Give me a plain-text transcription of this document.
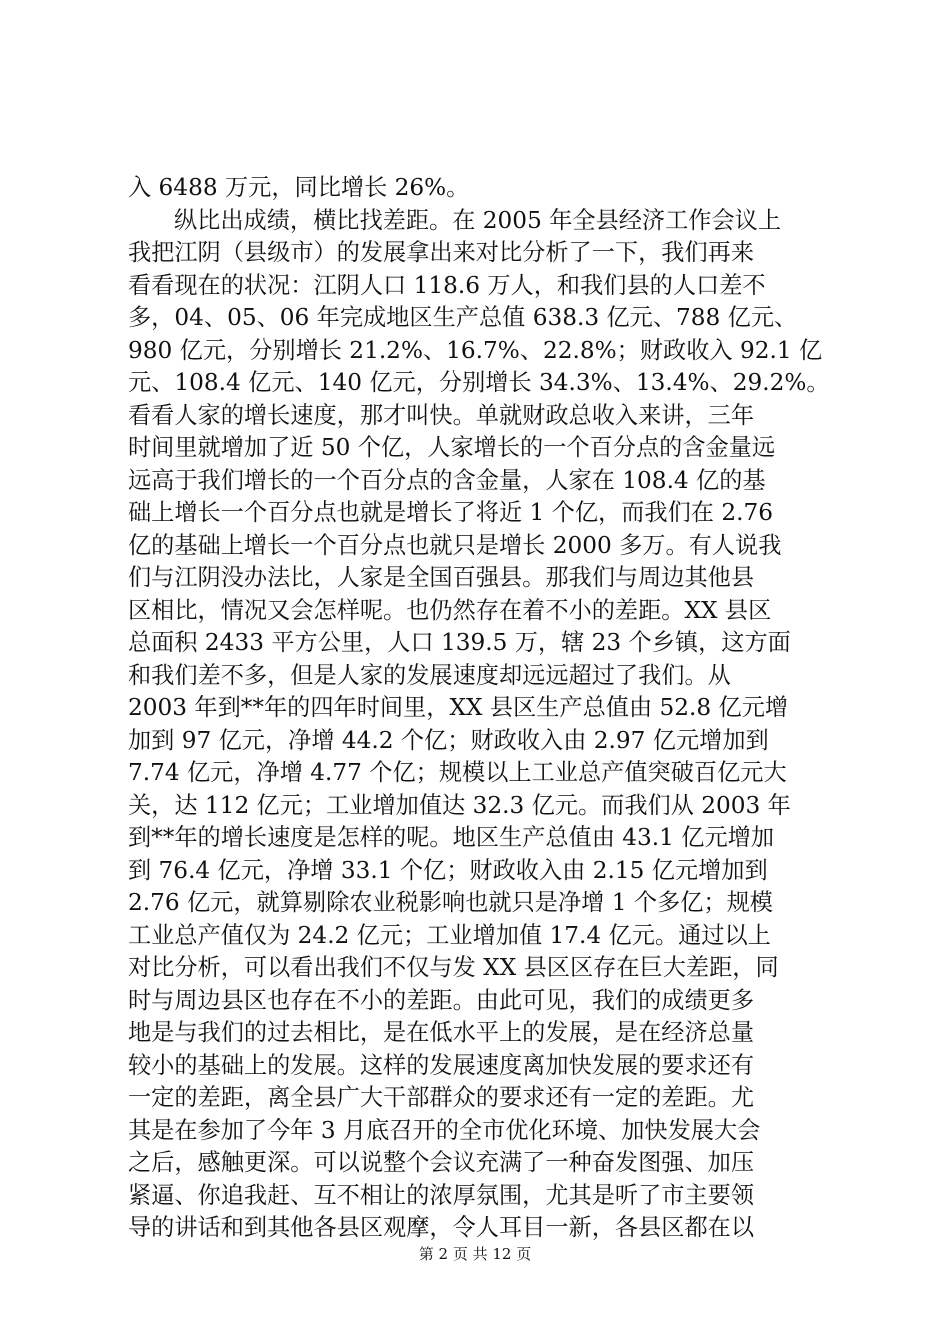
入 6488 万元，同比增长 26%。
纵比出成绩，横比找差距。在 2005 年全县经济工作会议上
我把江阴（县级市）的发展拿出来对比分析了一下，我们再来
看看现在的状况：江阴人口 118.6 万人，和我们县的人口差不
多，04、05、06 年完成地区生产总值 638.3 亿元、788 亿元、
980 亿元，分别增长 21.2%、16.7%、22.8%；财政收入 92.1 亿
元、108.4 亿元、140 亿元，分别增长 34.3%、13.4%、29.2%。
看看人家的增长速度，那才叫快。单就财政总收入来讲，三年
时间里就增加了近 50 个亿，人家增长的一个百分点的含金量远
远高于我们增长的一个百分点的含金量，人家在 108.4 亿的基
础上增长一个百分点也就是增长了将近 1 个亿，而我们在 2.76
亿的基础上增长一个百分点也就只是增长 2000 多万。有人说我
们与江阴没办法比，人家是全国百强县。那我们与周边其他县
区相比，情况又会怎样呢。也仍然存在着不小的差距。XX 县区
总面积 2433 平方公里，人口 139.5 万，辖 23 个乡镇，这方面
和我们差不多，但是人家的发展速度却远远超过了我们。从
2003 年到**年的四年时间里，XX 县区生产总值由 52.8 亿元增
加到 97 亿元，净增 44.2 个亿；财政收入由 2.97 亿元增加到
7.74 亿元，净增 4.77 个亿；规模以上工业总产值突破百亿元大
关，达 112 亿元；工业增加值达 32.3 亿元。而我们从 2003 年
到**年的增长速度是怎样的呢。地区生产总值由 43.1 亿元增加
到 76.4 亿元，净增 33.1 个亿；财政收入由 2.15 亿元增加到
2.76 亿元，就算剔除农业税影响也就只是净增 1 个多亿；规模
工业总产值仅为 24.2 亿元；工业增加值 17.4 亿元。通过以上
对比分析，可以看出我们不仅与发 XX 县区区存在巨大差距，同
时与周边县区也存在不小的差距。由此可见，我们的成绩更多
地是与我们的过去相比，是在低水平上的发展，是在经济总量
较小的基础上的发展。这样的发展速度离加快发展的要求还有
一定的差距，离全县广大干部群众的要求还有一定的差距。尤
其是在参加了今年 3 月底召开的全市优化环境、加快发展大会
之后，感触更深。可以说整个会议充满了一种奋发图强、加压
紧逼、你追我赶、互不相让的浓厚氛围，尤其是听了市主要领
导的讲话和到其他各县区观摩，令人耳目一新，各县区都在以
第 2 页 共 12 页
